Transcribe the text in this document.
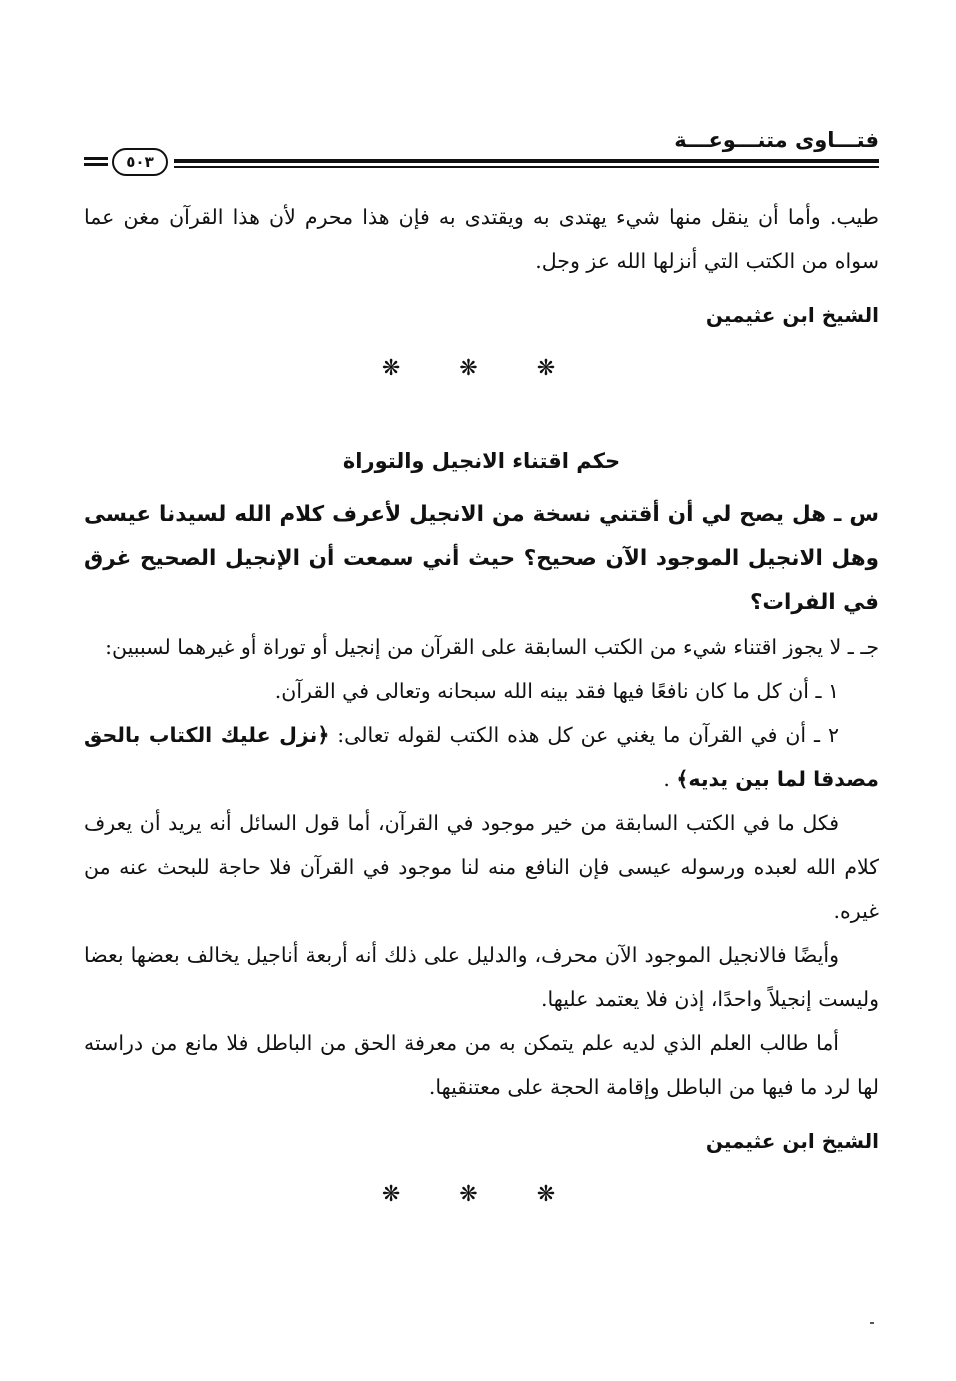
فتـــاوى متنـــوعـــة
٥٠٣

طيب. وأما أن ينقل منها شيء يهتدى به ويقتدى به فإن هذا محرم لأن هذا القرآن مغن عما سواه من الكتب التي أنزلها الله عز وجل.

الشيخ ابن عثيمين
❋ ❋ ❋
حكم اقتناء الانجيل والتوراة

س ـ هل يصح لي أن أقتني نسخة من الانجيل لأعرف كلام الله لسيدنا عيسى وهل الانجيل الموجود الآن صحيح؟ حيث أني سمعت أن الإنجيل الصحيح غرق في الفرات؟

جـ ـ لا يجوز اقتناء شيء من الكتب السابقة على القرآن من إنجيل أو توراة أو غيرهما لسببين:

١ ـ أن كل ما كان نافعًا فيها فقد بينه الله سبحانه وتعالى في القرآن.

٢ ـ أن في القرآن ما يغني عن كل هذه الكتب لقوله تعالى: ﴿نزل عليك الكتاب بالحق مصدقا لما بين يديه﴾ .

فكل ما في الكتب السابقة من خير موجود في القرآن، أما قول السائل أنه يريد أن يعرف كلام الله لعبده ورسوله عيسى فإن النافع منه لنا موجود في القرآن فلا حاجة للبحث عنه من غيره.

وأيضًا فالانجيل الموجود الآن محرف، والدليل على ذلك أنه أربعة أناجيل يخالف بعضها بعضا وليست إنجيلاً واحدًا، إذن فلا يعتمد عليها.

أما طالب العلم الذي لديه علم يتمكن به من معرفة الحق من الباطل فلا مانع من دراسته لها لرد ما فيها من الباطل وإقامة الحجة على معتنقيها.

الشيخ ابن عثيمين
❋ ❋ ❋
